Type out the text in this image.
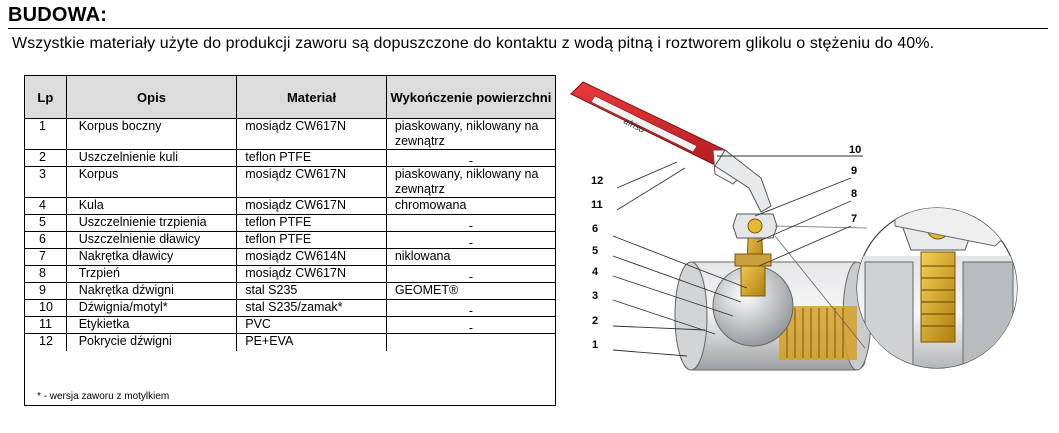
BUDOWA:
Wszystkie materiały użyte do produkcji zaworu są dopuszczone do kontaktu z wodą pitną i roztworem glikolu o stężeniu do 40%.
Lp	Opis	Materiał	Wykończenie powierzchni
1	Korpus boczny	mosiądz CW617N	piaskowany, niklowany na zewnątrz
2	Uszczelnienie kuli	teflon PTFE	-
3	Korpus	mosiądz CW617N	piaskowany, niklowany na zewnątrz
4	Kula	mosiądz CW617N	chromowana
5	Uszczelnienie trzpienia	teflon PTFE	-
6	Uszczelnienie dławicy	teflon PTFE	-
7	Nakrętka dławicy	mosiądz CW614N	niklowana
8	Trzpień	mosiądz CW617N	-
9	Nakrętka dźwigni	stal S235	GEOMET®
10	Dźwignia/motyl*	stal S235/zamak*	-
11	Etykietka	PVC	-
12	Pokrycie dźwigni	PE+EVA	
* - wersja zaworu z motylkiem
afriso
12
11
10
9
8
7
6
5
4
3
2
1
